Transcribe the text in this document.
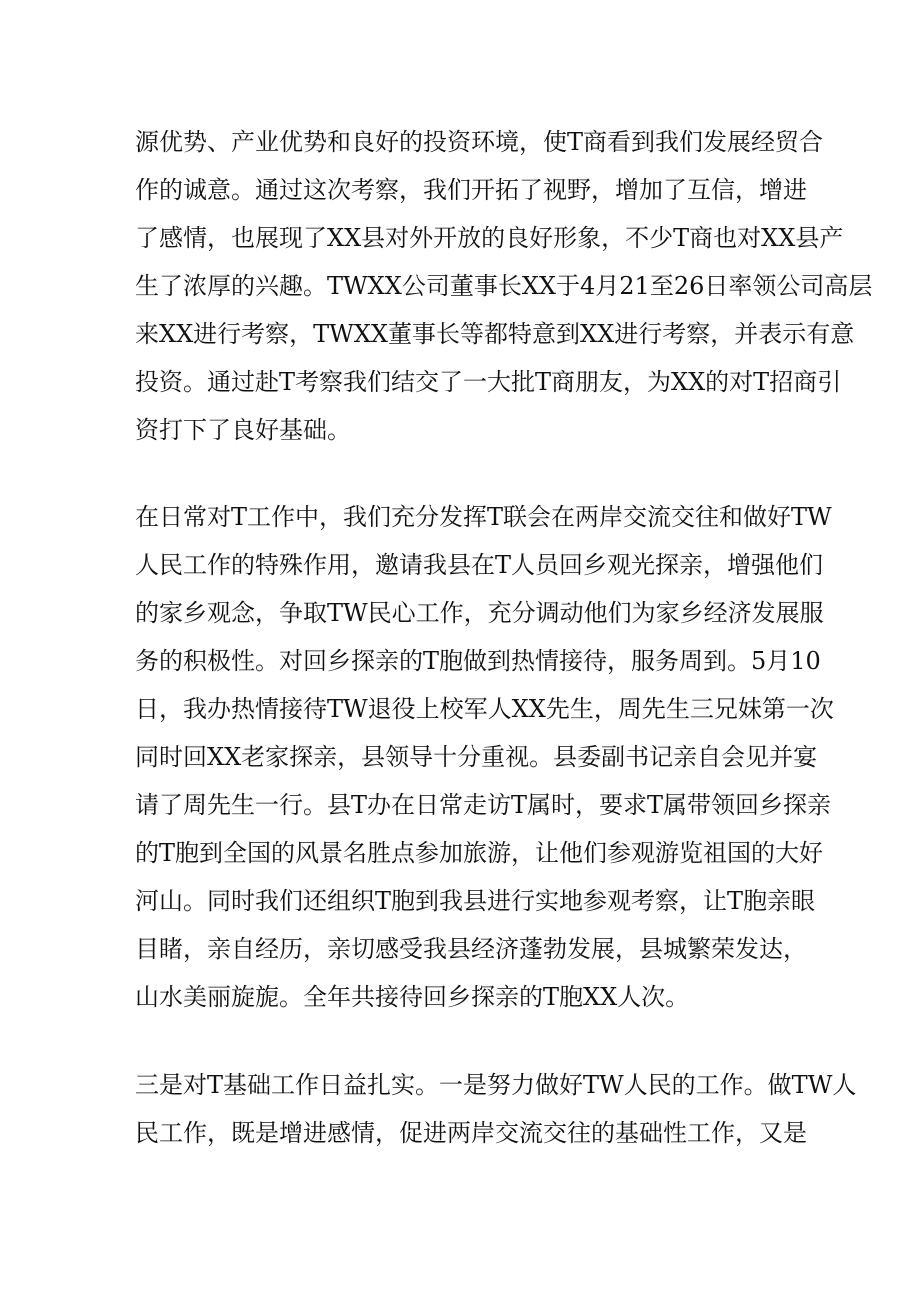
源优势、产业优势和良好的投资环境，使T商看到我们发展经贸合
作的诚意。通过这次考察，我们开拓了视野，增加了互信，增进
了感情，也展现了XX县对外开放的良好形象，不少T商也对XX县产
生了浓厚的兴趣。TWXX公司董事长XX于4月21至26日率领公司高层
来XX进行考察，TWXX董事长等都特意到XX进行考察，并表示有意
投资。通过赴T考察我们结交了一大批T商朋友，为XX的对T招商引
资打下了良好基础。
在日常对T工作中，我们充分发挥T联会在两岸交流交往和做好TW
人民工作的特殊作用，邀请我县在T人员回乡观光探亲，增强他们
的家乡观念，争取TW民心工作，充分调动他们为家乡经济发展服
务的积极性。对回乡探亲的T胞做到热情接待，服务周到。5月10
日，我办热情接待TW退役上校军人XX先生，周先生三兄妹第一次
同时回XX老家探亲，县领导十分重视。县委副书记亲自会见并宴
请了周先生一行。县T办在日常走访T属时，要求T属带领回乡探亲
的T胞到全国的风景名胜点参加旅游，让他们参观游览祖国的大好
河山。同时我们还组织T胞到我县进行实地参观考察，让T胞亲眼
目睹，亲自经历，亲切感受我县经济蓬勃发展，县城繁荣发达，
山水美丽旋旎。全年共接待回乡探亲的T胞XX人次。
三是对T基础工作日益扎实。一是努力做好TW人民的工作。做TW人
民工作，既是增进感情，促进两岸交流交往的基础性工作，又是
